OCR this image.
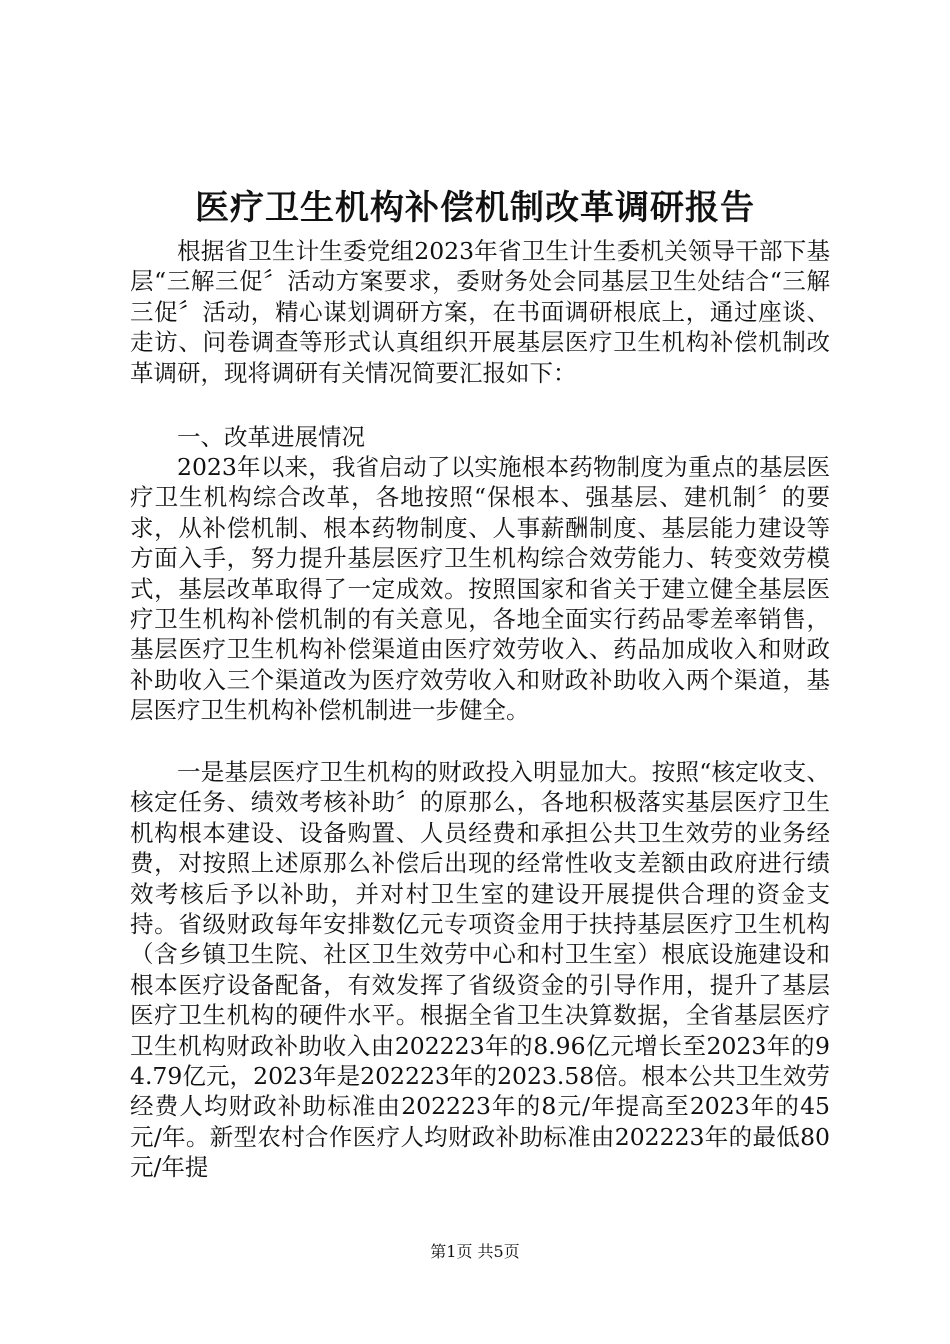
医疗卫生机构补偿机制改革调研报告

根据省卫生计生委党组2023年省卫生计生委机关领导干部下基层“三解三促〞活动方案要求，委财务处会同基层卫生处结合“三解三促〞活动，精心谋划调研方案，在书面调研根底上，通过座谈、走访、问卷调查等形式认真组织开展基层医疗卫生机构补偿机制改革调研，现将调研有关情况简要汇报如下：

一、改革进展情况

2023年以来，我省启动了以实施根本药物制度为重点的基层医疗卫生机构综合改革，各地按照“保根本、强基层、建机制〞的要求，从补偿机制、根本药物制度、人事薪酬制度、基层能力建设等方面入手，努力提升基层医疗卫生机构综合效劳能力、转变效劳模式，基层改革取得了一定成效。按照国家和省关于建立健全基层医疗卫生机构补偿机制的有关意见，各地全面实行药品零差率销售，基层医疗卫生机构补偿渠道由医疗效劳收入、药品加成收入和财政补助收入三个渠道改为医疗效劳收入和财政补助收入两个渠道，基层医疗卫生机构补偿机制进一步健全。

一是基层医疗卫生机构的财政投入明显加大。按照“核定收支、核定任务、绩效考核补助〞的原那么，各地积极落实基层医疗卫生机构根本建设、设备购置、人员经费和承担公共卫生效劳的业务经费，对按照上述原那么补偿后出现的经常性收支差额由政府进行绩效考核后予以补助，并对村卫生室的建设开展提供合理的资金支持。省级财政每年安排数亿元专项资金用于扶持基层医疗卫生机构（含乡镇卫生院、社区卫生效劳中心和村卫生室）根底设施建设和根本医疗设备配备，有效发挥了省级资金的引导作用，提升了基层医疗卫生机构的硬件水平。根据全省卫生决算数据，全省基层医疗卫生机构财政补助收入由202223年的8.96亿元增长至2023年的94.79亿元，2023年是202223年的2023.58倍。根本公共卫生效劳经费人均财政补助标准由202223年的8元/年提高至2023年的45元/年。新型农村合作医疗人均财政补助标准由202223年的最低80元/年提

第1页 共5页
